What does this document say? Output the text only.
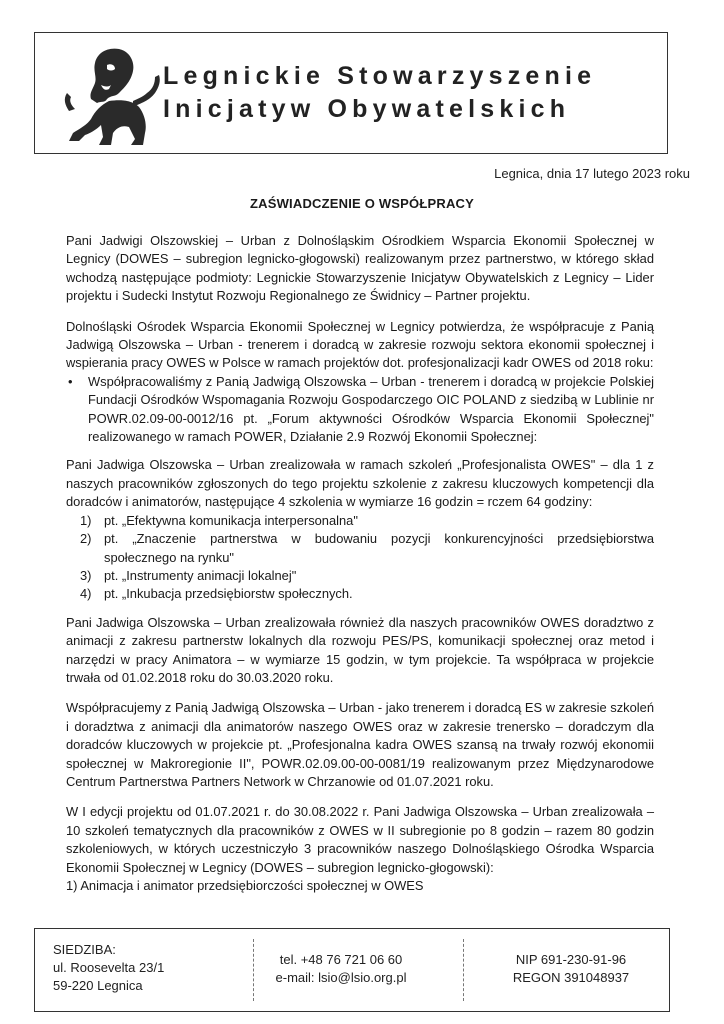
Legnickie Stowarzyszenie
Inicjatyw Obywatelskich
Legnica, dnia 17 lutego 2023 roku
ZAŚWIADCZENIE O WSPÓŁPRACY

Pani Jadwigi Olszowskiej – Urban z Dolnośląskim Ośrodkiem Wsparcia Ekonomii Społecznej w Legnicy (DOWES – subregion legnicko-głogowski) realizowanym przez partnerstwo, w którego skład wchodzą następujące podmioty: Legnickie Stowarzyszenie Inicjatyw Obywatelskich z Legnicy – Lider projektu i Sudecki Instytut Rozwoju Regionalnego ze Świdnicy – Partner projektu.

Dolnośląski Ośrodek Wsparcia Ekonomii Społecznej w Legnicy potwierdza, że współpracuje z Panią Jadwigą Olszowska – Urban - trenerem i doradcą w zakresie rozwoju sektora ekonomii społecznej i wspierania pracy OWES w Polsce w ramach projektów dot. profesjonalizacji kadr OWES od 2018 roku:

• Współpracowaliśmy z Panią Jadwigą Olszowska – Urban - trenerem i doradcą w projekcie Polskiej Fundacji Ośrodków Wspomagania Rozwoju Gospodarczego OIC POLAND z siedzibą w Lublinie nr POWR.02.09-00-0012/16 pt. „Forum aktywności Ośrodków Wsparcia Ekonomii Społecznej" realizowanego w ramach POWER, Działanie 2.9 Rozwój Ekonomii Społecznej:

Pani Jadwiga Olszowska – Urban zrealizowała w ramach szkoleń „Profesjonalista OWES" – dla 1 z naszych pracowników zgłoszonych do tego projektu szkolenie z zakresu kluczowych kompetencji dla doradców i animatorów, następujące 4 szkolenia w wymiarze 16 godzin = rczem 64 godziny:

1) pt. „Efektywna komunikacja interpersonalna"
2) pt. „Znaczenie partnerstwa w budowaniu pozycji konkurencyjności przedsiębiorstwa społecznego na rynku"
3) pt. „Instrumenty animacji lokalnej"
4) pt. „Inkubacja przedsiębiorstw społecznych.

Pani Jadwiga Olszowska – Urban zrealizowała również dla naszych pracowników OWES doradztwo z animacji z zakresu partnerstw lokalnych dla rozwoju PES/PS, komunikacji społecznej oraz metod i narzędzi w pracy Animatora – w wymiarze 15 godzin, w tym projekcie. Ta współpraca w projekcie trwała od 01.02.2018 roku do 30.03.2020 roku.

Współpracujemy z Panią Jadwigą Olszowska – Urban - jako trenerem i doradcą ES w zakresie szkoleń i doradztwa z animacji dla animatorów naszego OWES oraz w zakresie trenersko – doradczym dla doradców kluczowych w projekcie pt. „Profesjonalna kadra OWES szansą na trwały rozwój ekonomii społecznej w Makroregionie II", POWR.02.09.00-00-0081/19 realizowanym przez Międzynarodowe Centrum Partnerstwa Partners Network w Chrzanowie od 01.07.2021 roku.

W I edycji projektu od 01.07.2021 r. do 30.08.2022 r. Pani Jadwiga Olszowska – Urban zrealizowała – 10 szkoleń tematycznych dla pracowników z OWES w II subregionie po 8 godzin – razem 80 godzin szkoleniowych, w których uczestniczyło 3 pracowników naszego Dolnośląskiego Ośrodka Wsparcia Ekonomii Społecznej w Legnicy (DOWES – subregion legnicko-głogowski):

1) Animacja i animator przedsiębiorczości społecznej w OWES
SIEDZIBA:
ul. Roosevelta 23/1
59-220 Legnica
tel. +48 76 721 06 60
e-mail: lsio@lsio.org.pl
NIP 691-230-91-96
REGON 391048937
